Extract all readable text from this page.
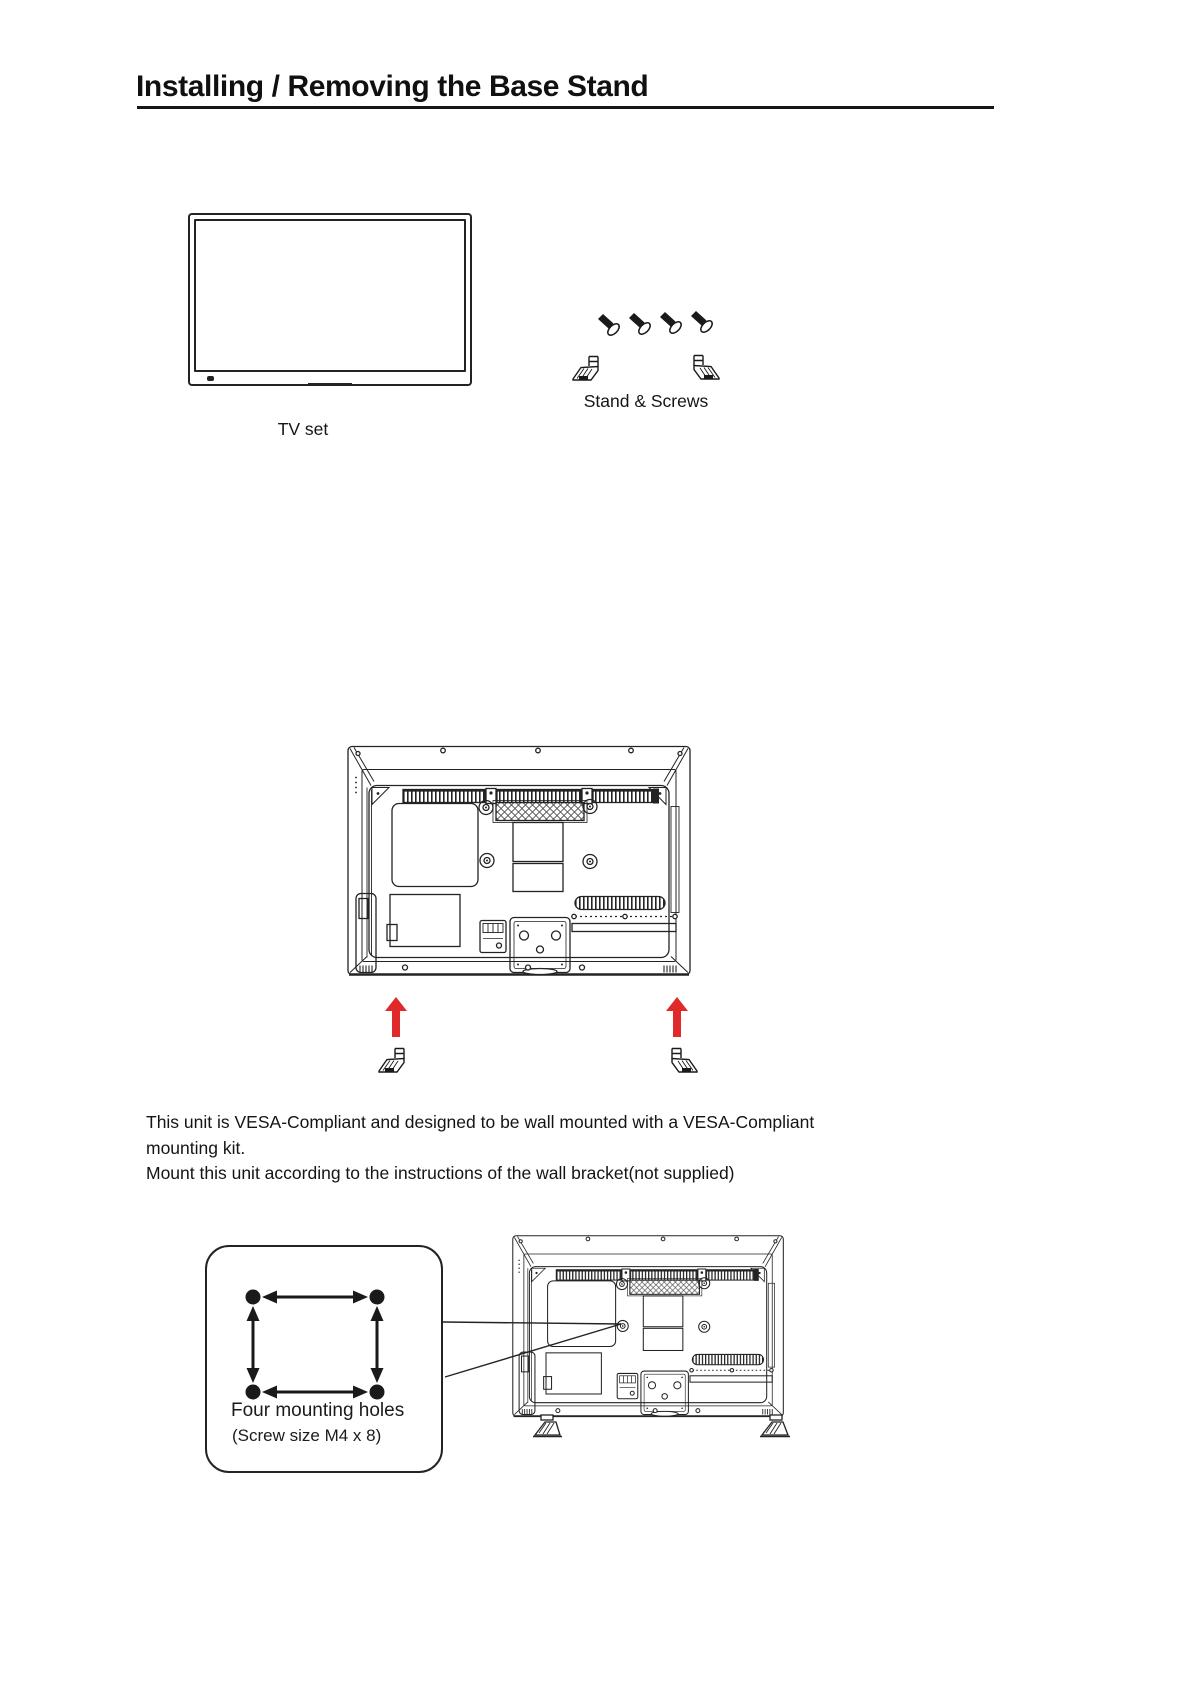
Installing / Removing the Base Stand
TV set
Stand & Screws
This unit is VESA-Compliant and designed to be wall mounted with a VESA-Compliant
mounting kit.
Mount this unit according to the instructions of the wall bracket(not supplied)
Four mounting holes
(Screw size M4 x 8)
